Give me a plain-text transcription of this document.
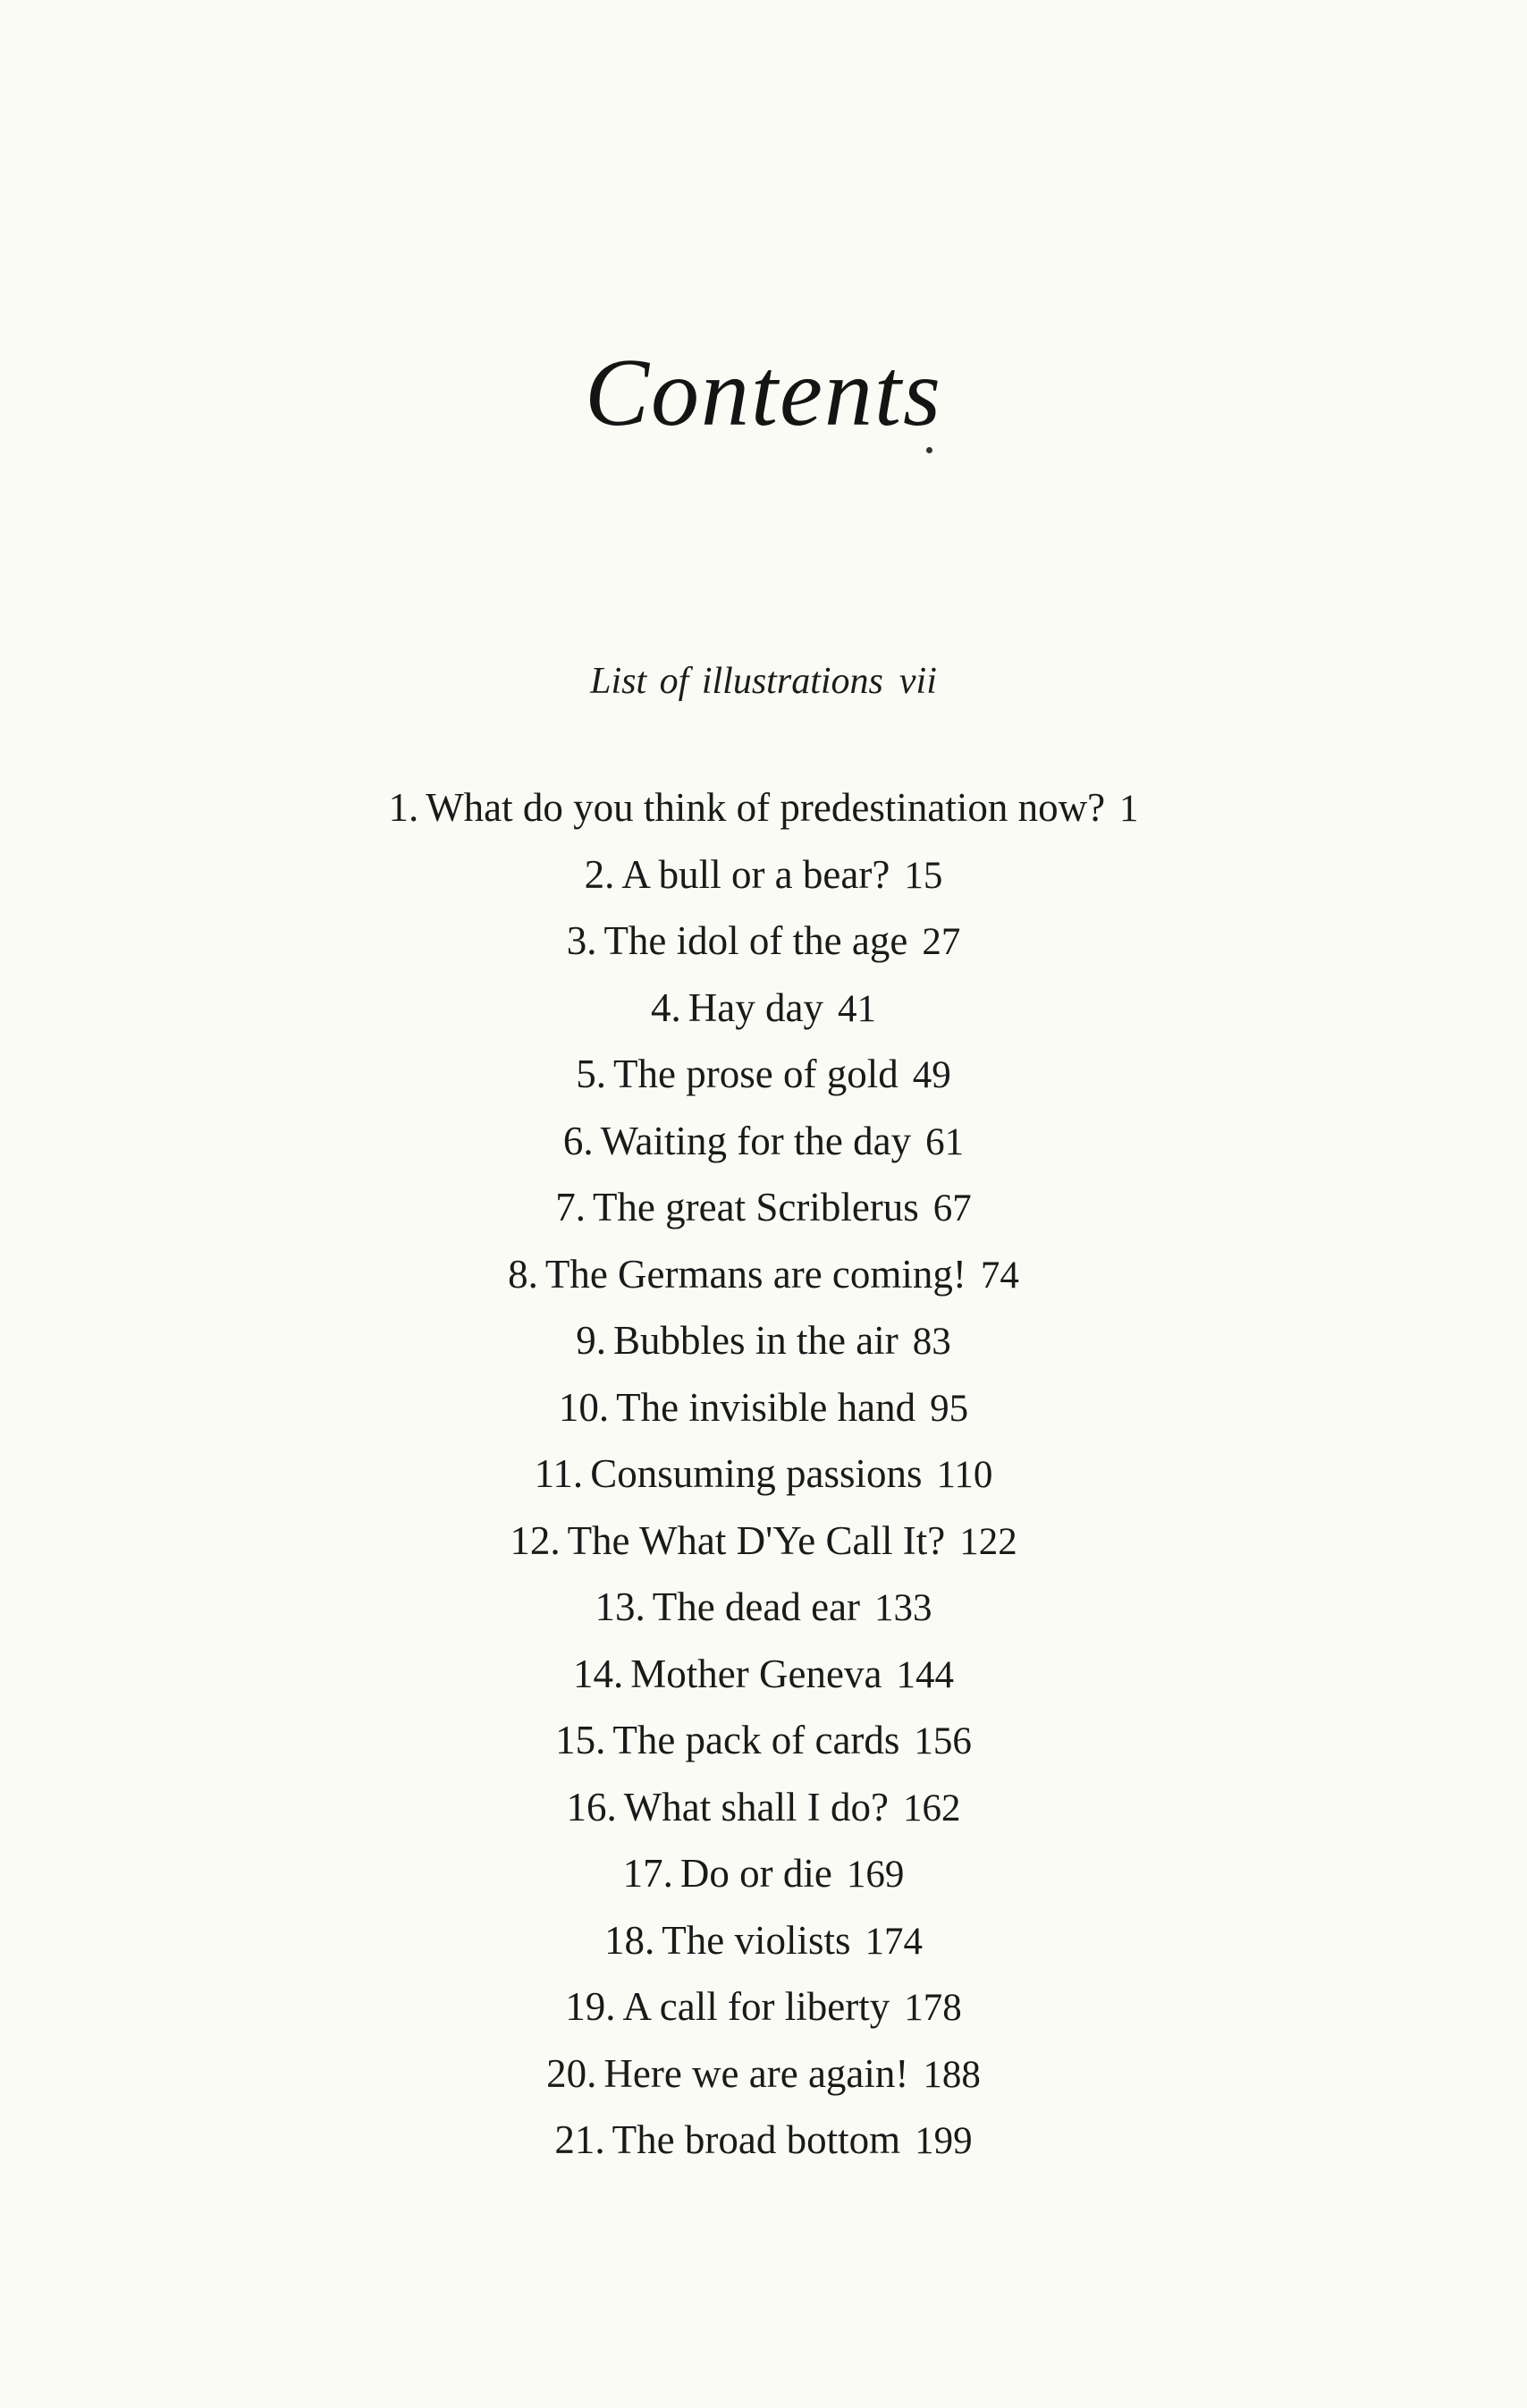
Contents
List of illustrations vii
1. What do you think of predestination now? 1
2. A bull or a bear? 15
3. The idol of the age 27
4. Hay day 41
5. The prose of gold 49
6. Waiting for the day 61
7. The great Scriblerus 67
8. The Germans are coming! 74
9. Bubbles in the air 83
10. The invisible hand 95
11. Consuming passions 110
12. The What D'Ye Call It? 122
13. The dead ear 133
14. Mother Geneva 144
15. The pack of cards 156
16. What shall I do? 162
17. Do or die 169
18. The violists 174
19. A call for liberty 178
20. Here we are again! 188
21. The broad bottom 199
